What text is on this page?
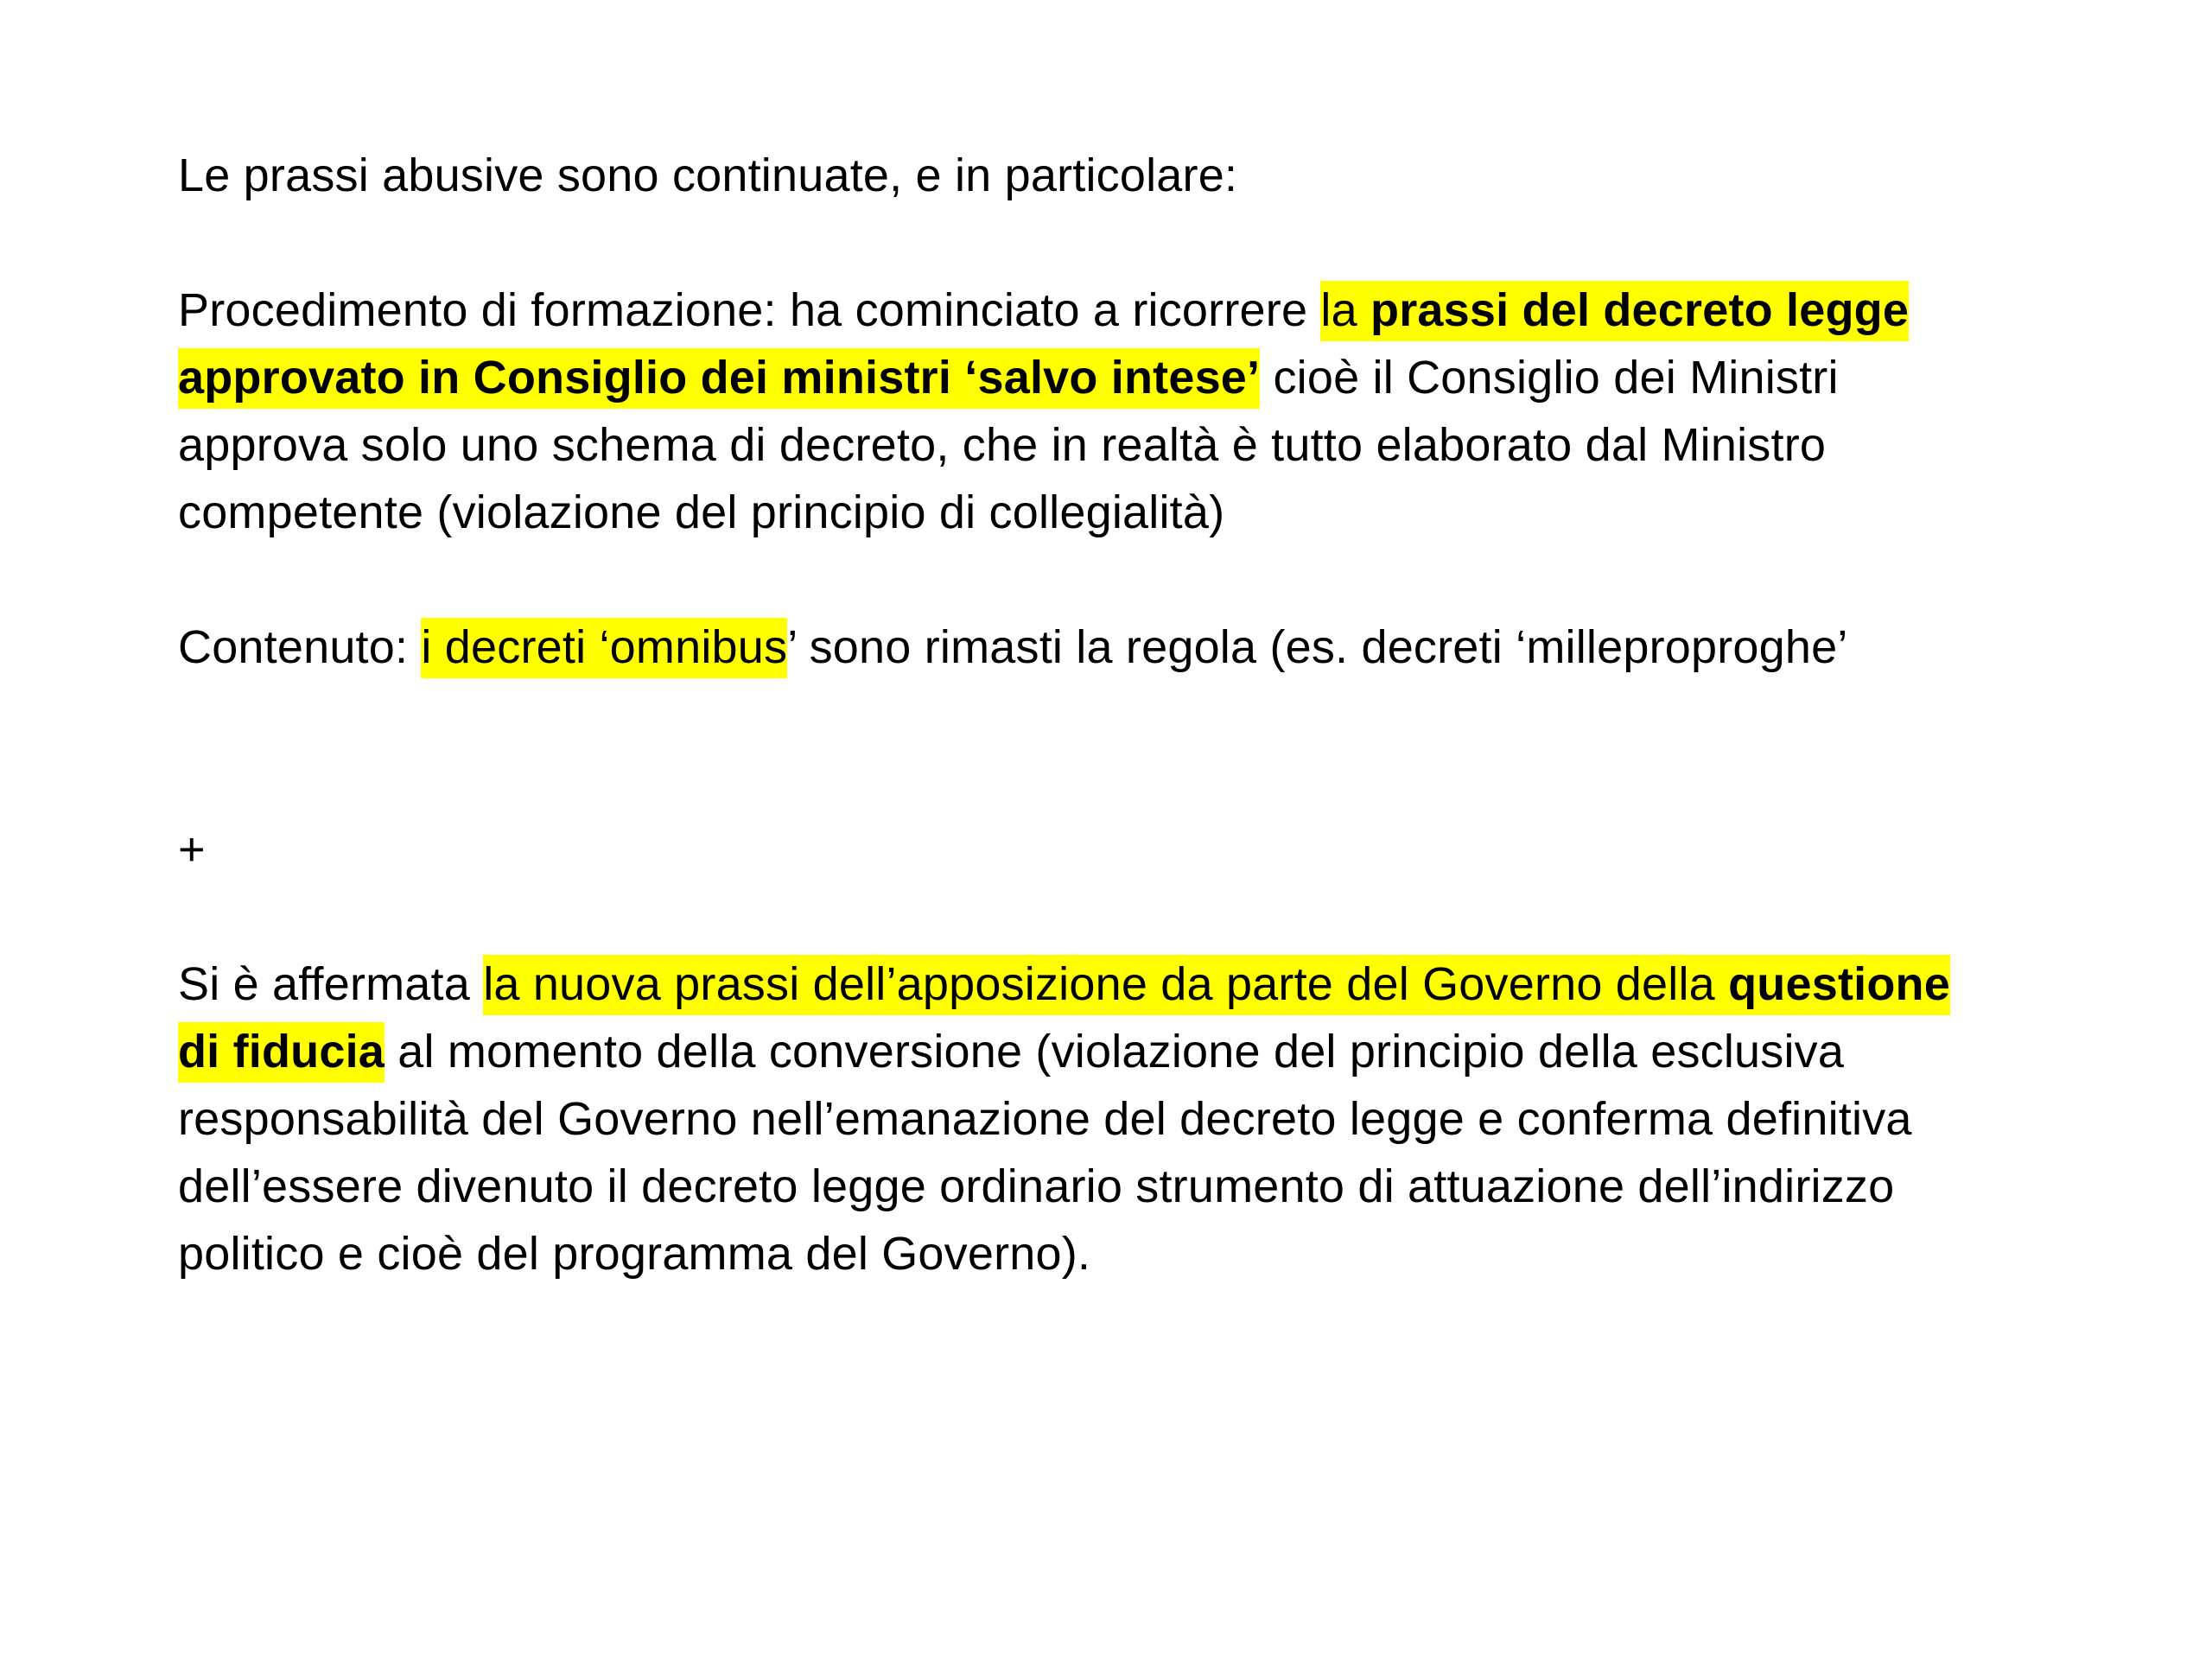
Le prassi abusive sono continuate, e in particolare:

Procedimento di formazione: ha cominciato a ricorrere la prassi del decreto legge approvato in Consiglio dei ministri ‘salvo intese’ cioè il Consiglio dei Ministri approva solo uno schema di decreto, che in realtà è tutto elaborato dal Ministro competente (violazione del principio di collegialità)

Contenuto: i decreti ‘omnibus’ sono rimasti la regola (es. decreti ‘milleproproghe’

+

Si è affermata la nuova prassi dell’apposizione da parte del Governo della questione di fiducia al momento della conversione (violazione del principio della esclusiva responsabilità del Governo nell’emanazione del decreto legge e conferma definitiva dell’essere divenuto il decreto legge ordinario strumento di attuazione dell’indirizzo politico e cioè del programma del Governo).
